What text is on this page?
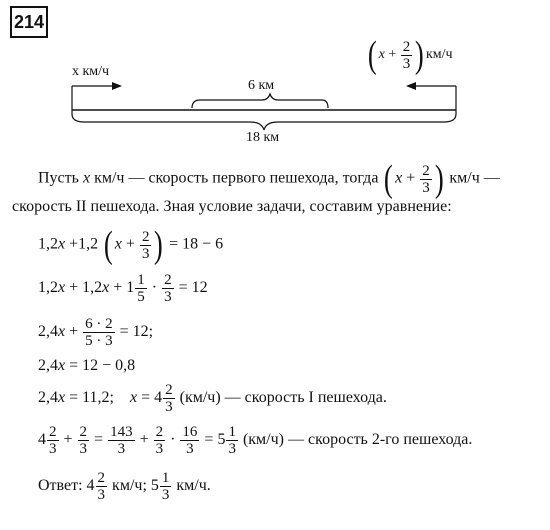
214
x км/ч
6 км
18 км
( $x + \frac{2}{3}$ ) км/ч
Пусть x км/ч — скорость первого пешехода, тогда ( $x + \frac{2}{3}$ ) км/ч —
скорость II пешехода. Зная условие задачи, составим уравнение:
1,2x +1,2 ( $x + \frac{2}{3}$ ) = 18 − 6
$1,2x + 1,2x + 1 \frac{1}{5} \cdot \frac{2}{3} = 12$
$2,4x + \frac{6 \cdot 2}{5 \cdot 3} = 12$;
2,4x = 12 − 0,8
2,4x = 11,2; $x = 4 \frac{2}{3} (км/ч)$ — скорость I пешехода.
$4 \frac{2}{3} + \frac{2}{3} = \frac{143}{3} + \frac{2}{3} \cdot \frac{16}{3} = 5 \frac{1}{3} (км/ч)$ — скорость 2-го пешехода.
Ответ: $4 \frac{2}{3} км/ч$; $5 \frac{1}{3} км/ч$.
